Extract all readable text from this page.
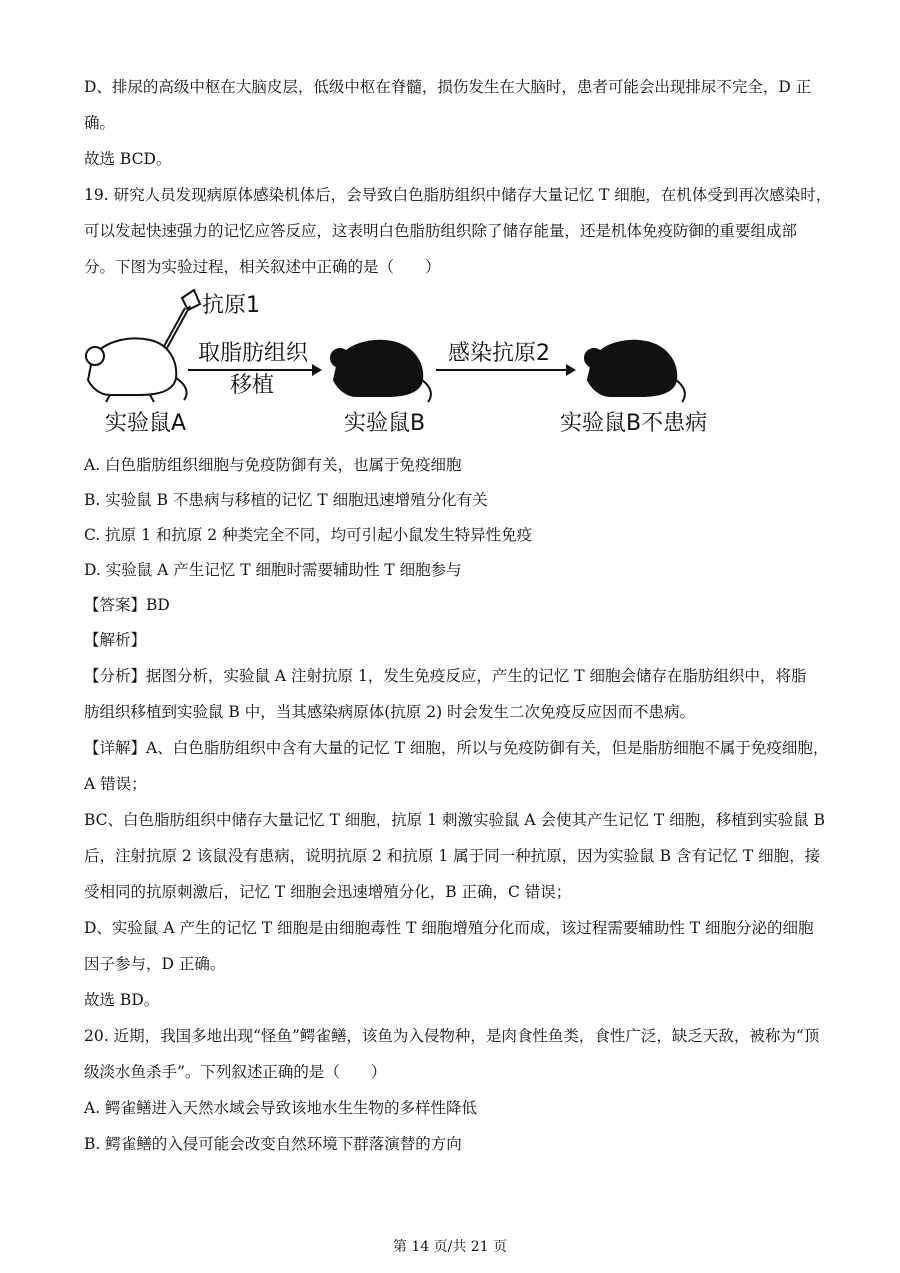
D、排尿的高级中枢在大脑皮层，低级中枢在脊髓，损伤发生在大脑时，患者可能会出现排尿不完全，D 正
确。
故选 BCD。
19. 研究人员发现病原体感染机体后，会导致白色脂肪组织中储存大量记忆 T 细胞，在机体受到再次感染时，
可以发起快速强力的记忆应答反应，这表明白色脂肪组织除了储存能量，还是机体免疫防御的重要组成部
分。下图为实验过程，相关叙述中正确的是（　　）
抗原1
实验鼠A
取脂肪组织
移植
实验鼠B
感染抗原2
实验鼠B不患病
A. 白色脂肪组织细胞与免疫防御有关，也属于免疫细胞
B. 实验鼠 B 不患病与移植的记忆 T 细胞迅速增殖分化有关
C. 抗原 1 和抗原 2 种类完全不同，均可引起小鼠发生特异性免疫
D. 实验鼠 A 产生记忆 T 细胞时需要辅助性 T 细胞参与
【答案】BD
【解析】
【分析】据图分析，实验鼠 A 注射抗原 1，发生免疫反应，产生的记忆 T 细胞会储存在脂肪组织中，将脂
肪组织移植到实验鼠 B 中，当其感染病原体(抗原 2) 时会发生二次免疫反应因而不患病。
【详解】A、白色脂肪组织中含有大量的记忆 T 细胞，所以与免疫防御有关，但是脂肪细胞不属于免疫细胞，
A 错误；
BC、白色脂肪组织中储存大量记忆 T 细胞，抗原 1 刺激实验鼠 A 会使其产生记忆 T 细胞，移植到实验鼠 B
后，注射抗原 2 该鼠没有患病，说明抗原 2 和抗原 1 属于同一种抗原，因为实验鼠 B 含有记忆 T 细胞，接
受相同的抗原刺激后，记忆 T 细胞会迅速增殖分化，B 正确，C 错误；
D、实验鼠 A 产生的记忆 T 细胞是由细胞毒性 T 细胞增殖分化而成，该过程需要辅助性 T 细胞分泌的细胞
因子参与，D 正确。
故选 BD。
20. 近期，我国多地出现“怪鱼”鳄雀鳝，该鱼为入侵物种，是肉食性鱼类，食性广泛，缺乏天敌，被称为“顶
级淡水鱼杀手”。下列叙述正确的是（　　）
A. 鳄雀鳝进入天然水域会导致该地水生生物的多样性降低
B. 鳄雀鳝的入侵可能会改变自然环境下群落演替的方向
第 14 页/共 21 页
